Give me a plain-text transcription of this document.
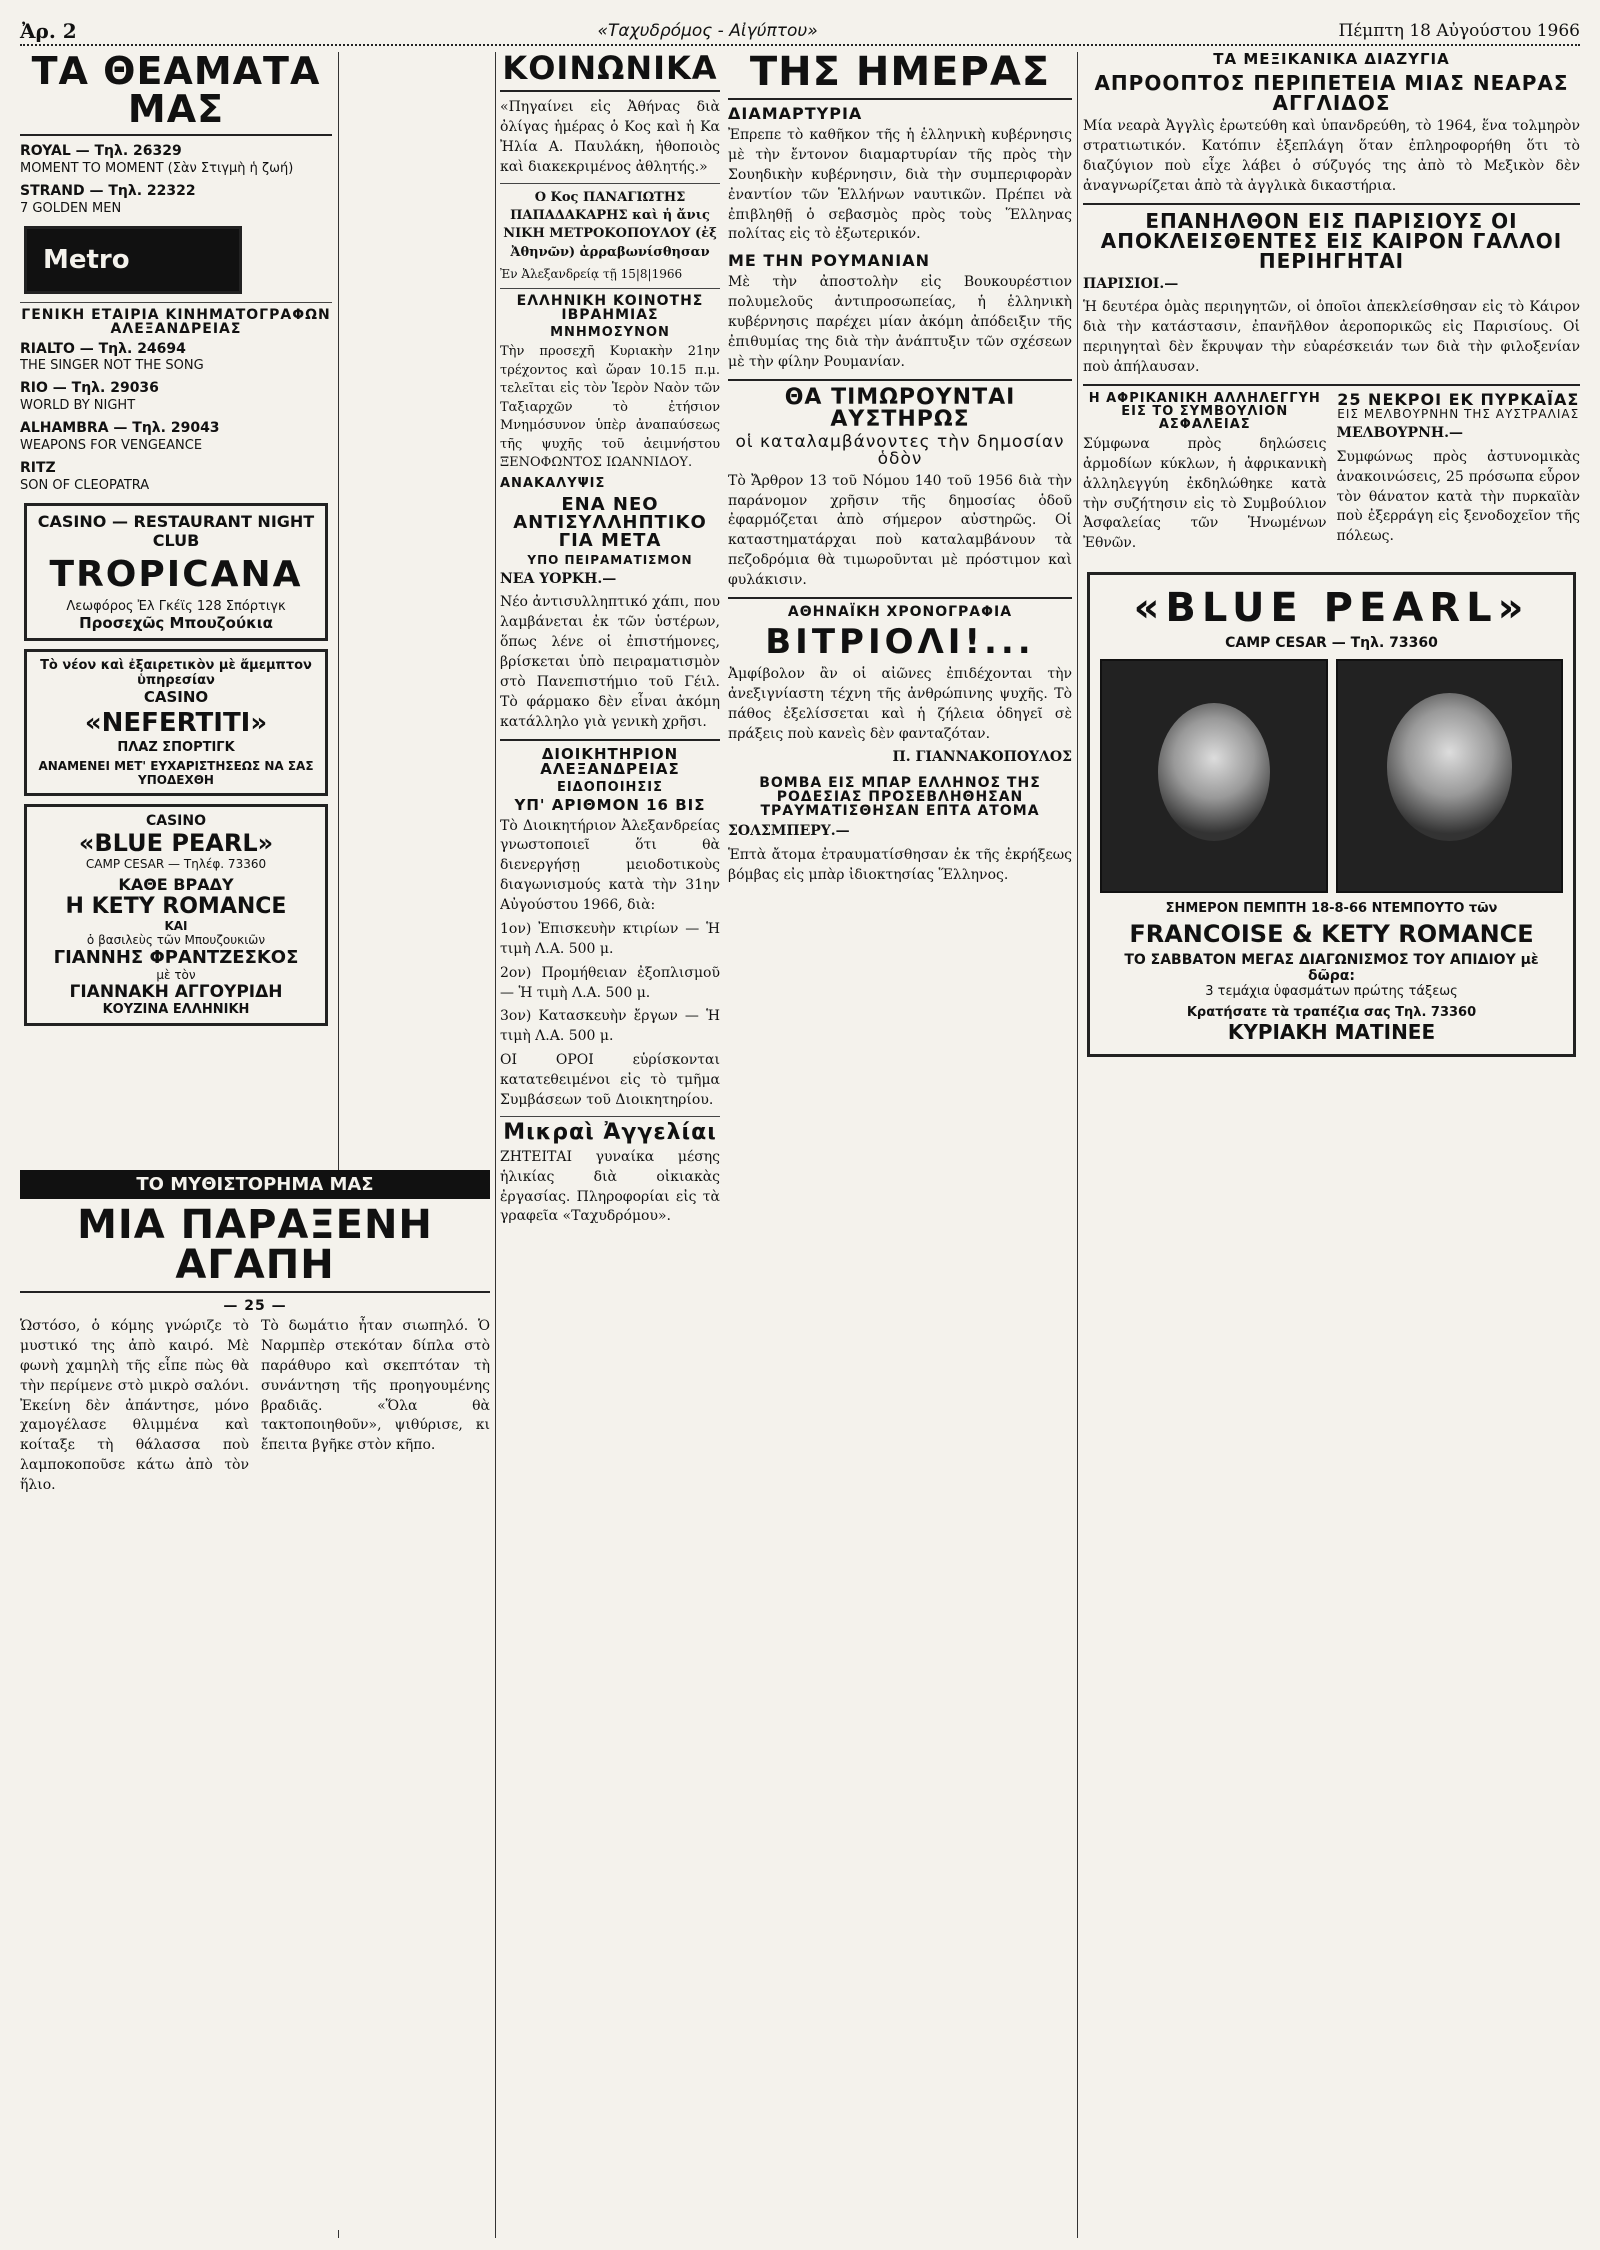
Ἀρ. 2	«Ταχυδρόμος - Αἰγύπτου»	Πέμπτη 18 Αὐγούστου 1966
ΤΑ ΘΕΑΜΑΤΑ ΜΑΣ
ROYAL — Τηλ. 26329
MOMENT TO MOMENT (Σὰν Στιγμὴ ἡ ζωή)
STRAND — Τηλ. 22322
7 GOLDEN MEN
Metro
ΓΕΝΙΚΗ ΕΤΑΙΡΙΑ ΚΙΝΗΜΑΤΟΓΡΑΦΩΝ ΑΛΕΞΑΝΔΡΕΙΑΣ
RIALTO — Τηλ. 24694
THE SINGER NOT THE SONG
RIO — Τηλ. 29036
WORLD BY NIGHT
ALHAMBRA — Τηλ. 29043
WEAPONS FOR VENGEANCE
RITZ
SON OF CLEOPATRA
CASINO — RESTAURANT NIGHT CLUB
TROPICANA
Λεωφόρος Ἐλ Γκέϊς 128 Σπόρτιγκ
Προσεχῶς Μπουζούκια
Τὸ νέον καὶ ἐξαιρετικὸν μὲ ἄμεμπτον ὑπηρεσίαν
CASINO
«NEFERTITI»
ΠΛΑΖ ΣΠΟΡΤΙΓΚ
ΑΝΑΜΕΝΕΙ ΜΕΤ' ΕΥΧΑΡΙΣΤΗΣΕΩΣ ΝΑ ΣΑΣ ΥΠΟΔΕΧΘΗ
CASINO
«BLUE PEARL»
CAMP CESAR — Τηλέφ. 73360
ΚΑΘΕ ΒΡΑΔΥ
Η KETY ROMANCE
ΚΑΙ
ὁ βασιλεὺς τῶν Μπουζουκιῶν
ΓΙΑΝΝΗΣ ΦΡΑΝΤΖΕΣΚΟΣ
μὲ τὸν
ΓΙΑΝΝΑΚΗ ΑΓΓΟΥΡΙΔΗ
ΚΟΥΖΙΝΑ ΕΛΛΗΝΙΚΗ
ΚΟΙΝΩΝΙΚΑ
«Πηγαίνει εἰς Ἀθήνας διὰ ὀλίγας ἡμέρας ὁ Κος καὶ ἡ Κα Ἠλία Α. Παυλάκη, ἠθοποιὸς καὶ διακεκριμένος ἀθλητής.»
Ο Κος ΠΑΝΑΓΙΩΤΗΣ ΠΑΠΑΔΑΚΑΡΗΣ καὶ ἡ ἄνις ΝΙΚΗ ΜΕΤΡΟΚΟΠΟΥΛΟΥ (ἐξ Ἀθηνῶν) ἀρραβωνίσθησαν
Ἐν Ἀλεξανδρείᾳ τῇ 15|8|1966
ΕΛΛΗΝΙΚΗ ΚΟΙΝΟΤΗΣ ΙΒΡΑΗΜΙΑΣ
ΜΝΗΜΟΣΥΝΟΝ
Τὴν προσεχῆ Κυριακὴν 21ην τρέχοντος καὶ ὥραν 10.15 π.μ. τελεῖται εἰς τὸν Ἱερὸν Ναὸν τῶν Ταξιαρχῶν τὸ ἐτήσιον Μνημόσυνον ὑπὲρ ἀναπαύσεως τῆς ψυχῆς τοῦ ἀειμνήστου ΞΕΝΟΦΩΝΤΟΣ ΙΩΑΝΝΙΔΟΥ.
ΑΝΑΚΑΛΥΨΙΣ
ΕΝΑ ΝΕΟ ΑΝΤΙΣΥΛΛΗΠΤΙΚΟ ΓΙΑ ΜΕΤΑ
ΥΠΟ ΠΕΙΡΑΜΑΤΙΣΜΟΝ
ΝΕΑ ΥΟΡΚΗ.—
Νέο ἀντισυλληπτικό χάπι, που λαμβάνεται ἐκ τῶν ὑστέρων, ὅπως λένε οἱ ἐπιστήμονες, βρίσκεται ὑπὸ πειραματισμὸν στὸ Πανεπιστήμιο τοῦ Γέιλ. Τὸ φάρμακο δὲν εἶναι ἀκόμη κατάλληλο γιὰ γενικὴ χρῆσι.
ΔΙΟΙΚΗΤΗΡΙΟΝ ΑΛΕΞΑΝΔΡΕΙΑΣ
ΕΙΔΟΠΟΙΗΣΙΣ
ΥΠ' ΑΡΙΘΜΟΝ 16 ΒΙΣ
Τὸ Διοικητήριον Ἀλεξανδρείας γνωστοποιεῖ ὅτι θὰ διενεργήσῃ μειοδοτικοὺς διαγωνισμούς κατὰ τὴν 31ην Αὐγούστου 1966, διὰ:
1ον) Ἐπισκευὴν κτιρίων — Ἡ τιμὴ Λ.Α. 500 μ.
2ον) Προμήθειαν ἐξοπλισμοῦ — Ἡ τιμὴ Λ.Α. 500 μ.
3ον) Κατασκευὴν ἔργων — Ἡ τιμὴ Λ.Α. 500 μ.
ΟΙ ΟΡΟΙ εὑρίσκονται κατατεθειμένοι εἰς τὸ τμῆμα Συμβάσεων τοῦ Διοικητηρίου.
Μικραὶ Ἀγγελίαι
ΖΗΤΕΙΤΑΙ γυναίκα μέσης ἡλικίας διὰ οἰκιακὰς ἐργασίας. Πληροφορίαι εἰς τὰ γραφεῖα «Ταχυδρόμου».
ΤΗΣ ΗΜΕΡΑΣ
ΔΙΑΜΑΡΤΥΡΙΑ
Ἐπρεπε τὸ καθῆκον τῆς ἡ ἑλληνικὴ κυβέρνησις μὲ τὴν ἔντονον διαμαρτυρίαν τῆς πρὸς τὴν Σουηδικὴν κυβέρνησιν, διὰ τὴν συμπεριφορὰν ἐναντίον τῶν Ἑλλήνων ναυτικῶν. Πρέπει νὰ ἐπιβληθῇ ὁ σεβασμὸς πρὸς τοὺς Ἕλληνας πολίτας εἰς τὸ ἐξωτερικόν.
ΜΕ ΤΗΝ ΡΟΥΜΑΝΙΑΝ
Μὲ τὴν ἀποστολὴν εἰς Βουκουρέστιον πολυμελοῦς ἀντιπροσωπείας, ἡ ἑλληνικὴ κυβέρνησις παρέχει μίαν ἀκόμη ἀπόδειξιν τῆς ἐπιθυμίας της διὰ τὴν ἀνάπτυξιν τῶν σχέσεων μὲ τὴν φίλην Ρουμανίαν.
ΘΑ ΤΙΜΩΡΟΥΝΤΑΙ ΑΥΣΤΗΡΩΣ
οἱ καταλαμβάνοντες τὴν δημοσίαν ὁδὸν
Τὸ Ἄρθρον 13 τοῦ Νόμου 140 τοῦ 1956 διὰ τὴν παράνομον χρῆσιν τῆς δημοσίας ὁδοῦ ἐφαρμόζεται ἀπὸ σήμερον αὐστηρῶς. Οἱ καταστηματάρχαι ποὺ καταλαμβάνουν τὰ πεζοδρόμια θὰ τιμωροῦνται μὲ πρόστιμον καὶ φυλάκισιν.
ΑΘΗΝΑΪΚΗ ΧΡΟΝΟΓΡΑΦΙΑ
ΒΙΤΡΙΟΛΙ!...
Ἀμφίβολον ἂν οἱ αἰῶνες ἐπιδέχονται τὴν ἀνεξιγνίαστη τέχνη τῆς ἀνθρώπινης ψυχῆς. Τὸ πάθος ἐξελίσσεται καὶ ἡ ζήλεια ὁδηγεῖ σὲ πράξεις ποὺ κανεὶς δὲν φανταζόταν.
Π. ΓΙΑΝΝΑΚΟΠΟΥΛΟΣ
ΒΟΜΒΑ ΕΙΣ ΜΠΑΡ ΕΛΛΗΝΟΣ ΤΗΣ ΡΟΔΕΣΙΑΣ ΠΡΟΣΕΒΛΗΘΗΣΑΝ ΤΡΑΥΜΑΤΙΣΘΗΣΑΝ ΕΠΤΑ ΑΤΟΜΑ
ΣΟΛΣΜΠΕΡΥ.—
Ἑπτὰ ἄτομα ἐτραυματίσθησαν ἐκ τῆς ἐκρήξεως βόμβας εἰς μπὰρ ἰδιοκτησίας Ἕλληνος.
ΤΑ ΜΕΞΙΚΑΝΙΚΑ ΔΙΑΖΥΓΙΑ
ΑΠΡΟΟΠΤΟΣ ΠΕΡΙΠΕΤΕΙΑ ΜΙΑΣ ΝΕΑΡΑΣ ΑΓΓΛΙΔΟΣ
Μία νεαρὰ Ἀγγλὶς ἐρωτεύθη καὶ ὑπανδρεύθη, τὸ 1964, ἕνα τολμηρὸν στρατιωτικόν. Κατόπιν ἐξεπλάγη ὅταν ἐπληροφορήθη ὅτι τὸ διαζύγιον ποὺ εἶχε λάβει ὁ σύζυγός της ἀπὸ τὸ Μεξικὸν δὲν ἀναγνωρίζεται ἀπὸ τὰ ἀγγλικὰ δικαστήρια.
ΕΠΑΝΗΛΘΟΝ ΕΙΣ ΠΑΡΙΣΙΟΥΣ ΟΙ ΑΠΟΚΛΕΙΣΘΕΝΤΕΣ ΕΙΣ ΚΑΙΡΟΝ ΓΑΛΛΟΙ ΠΕΡΙΗΓΗΤΑΙ
ΠΑΡΙΣΙΟΙ.—
Ἡ δευτέρα ὁμὰς περιηγητῶν, οἱ ὁποῖοι ἀπεκλείσθησαν εἰς τὸ Κάιρον διὰ τὴν κατάστασιν, ἐπανῆλθον ἀεροπορικῶς εἰς Παρισίους. Οἱ περιηγηταὶ δὲν ἔκρυψαν τὴν εὐαρέσκειάν των διὰ τὴν φιλοξενίαν ποὺ ἀπήλαυσαν.
Η ΑΦΡΙΚΑΝΙΚΗ ΑΛΛΗΛΕΓΓΥΗ ΕΙΣ ΤΟ ΣΥΜΒΟΥΛΙΟΝ ΑΣΦΑΛΕΙΑΣ
Σύμφωνα πρὸς δηλώσεις ἀρμοδίων κύκλων, ἡ ἀφρικανικὴ ἀλληλεγγύη ἐκδηλώθηκε κατὰ τὴν συζήτησιν εἰς τὸ Συμβούλιον Ἀσφαλείας τῶν Ἡνωμένων Ἐθνῶν.
25 ΝΕΚΡΟΙ ΕΚ ΠΥΡΚΑΪΑΣ
ΕΙΣ ΜΕΛΒΟΥΡΝΗΝ ΤΗΣ ΑΥΣΤΡΑΛΙΑΣ
ΜΕΛΒΟΥΡΝΗ.—
Συμφώνως πρὸς ἀστυνομικὰς ἀνακοινώσεις, 25 πρόσωπα εὗρον τὸν θάνατον κατὰ τὴν πυρκαϊὰν ποὺ ἐξερράγη εἰς ξενοδοχεῖον τῆς πόλεως.
«BLUE PEARL»
CAMP CESAR — Τηλ. 73360
ΣΗΜΕΡΟΝ ΠΕΜΠΤΗ 18-8-66 ΝΤΕΜΠΟΥΤΟ τῶν
FRANCOISE & KETY ROMANCE
ΤΟ ΣΑΒΒΑΤΟΝ ΜΕΓΑΣ ΔΙΑΓΩΝΙΣΜΟΣ ΤΟΥ ΑΠΙΔΙΟΥ μὲ δῶρα:
3 τεμάχια ὑφασμάτων πρώτης τάξεως
Κρατήσατε τὰ τραπέζια σας Τηλ. 73360
ΚΥΡΙΑΚΗ ΜΑΤΙΝΕΕ
ΤΟ ΜΥΘΙΣΤΟΡΗΜΑ ΜΑΣ
ΜΙΑ ΠΑΡΑΞΕΝΗ ΑΓΑΠΗ
— 25 —
Ὡστόσο, ὁ κόμης γνώριζε τὸ μυστικό της ἀπὸ καιρό. Μὲ φωνὴ χαμηλὴ τῆς εἶπε πὼς θὰ τὴν περίμενε στὸ μικρὸ σαλόνι. Ἐκείνη δὲν ἀπάντησε, μόνο χαμογέλασε θλιμμένα καὶ κοίταξε τὴ θάλασσα ποὺ λαμποκοποῦσε κάτω ἀπὸ τὸν ἥλιο.
Τὸ δωμάτιο ἦταν σιωπηλό. Ὁ Ναρμπὲρ στεκόταν δίπλα στὸ παράθυρο καὶ σκεπτόταν τὴ συνάντηση τῆς προηγουμένης βραδιᾶς. «Ὅλα θὰ τακτοποιηθοῦν», ψιθύρισε, κι ἔπειτα βγῆκε στὸν κῆπο.
